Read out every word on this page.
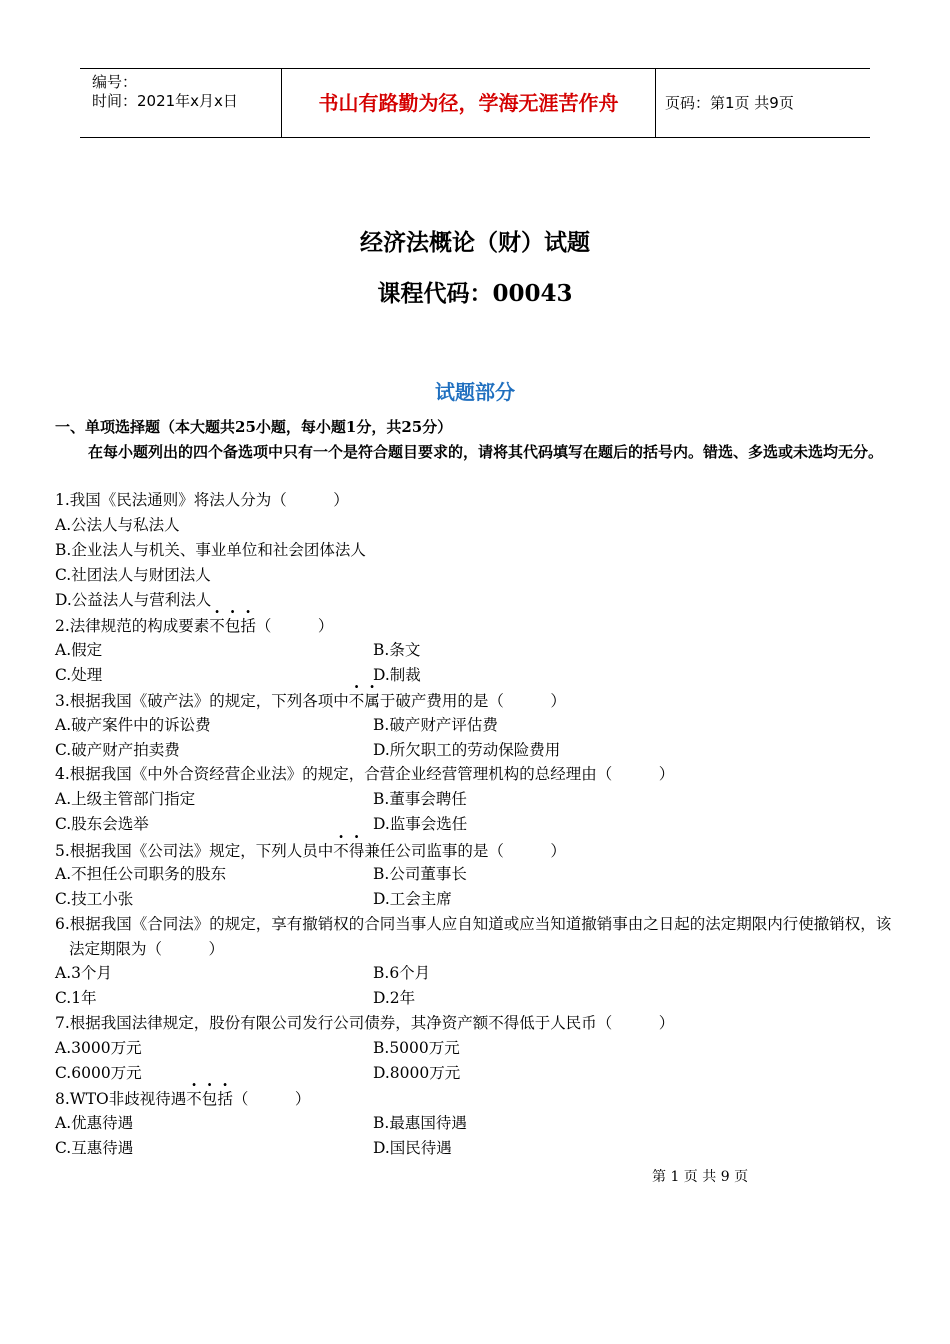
编号：
时间：2021年x月x日	书山有路勤为径，学海无涯苦作舟	页码：第1页 共9页
经济法概论（财）试题
课程代码：00043
试题部分
一、单项选择题（本大题共25小题，每小题1分，共25分）
在每小题列出的四个备选项中只有一个是符合题目要求的，请将其代码填写在题后的括号内。错选、多选或未选均无分。
1.我国《民法通则》将法人分为（　　　）
A.公法人与私法人
B.企业法人与机关、事业单位和社会团体法人
C.社团法人与财团法人
D.公益法人与营利法人
2.法律规范的构成要素不包括（　　　）
A.假定	B.条文
C.处理	D.制裁
3.根据我国《破产法》的规定，下列各项中不属于破产费用的是（　　　）
A.破产案件中的诉讼费	B.破产财产评估费
C.破产财产拍卖费	D.所欠职工的劳动保险费用
4.根据我国《中外合资经营企业法》的规定，合营企业经营管理机构的总经理由（　　　）
A.上级主管部门指定	B.董事会聘任
C.股东会选举	D.监事会选任
5.根据我国《公司法》规定，下列人员中不得兼任公司监事的是（　　　）
A.不担任公司职务的股东	B.公司董事长
C.技工小张	D.工会主席
6.根据我国《合同法》的规定，享有撤销权的合同当事人应自知道或应当知道撤销事由之日起的法定期限内行使撤销权，该法定期限为（　　　）
A.3个月	B.6个月
C.1年	D.2年
7.根据我国法律规定，股份有限公司发行公司债券，其净资产额不得低于人民币（　　　）
A.3000万元	B.5000万元
C.6000万元	D.8000万元
8.WTO非歧视待遇不包括（　　　）
A.优惠待遇	B.最惠国待遇
C.互惠待遇	D.国民待遇
第 1 页 共 9 页
